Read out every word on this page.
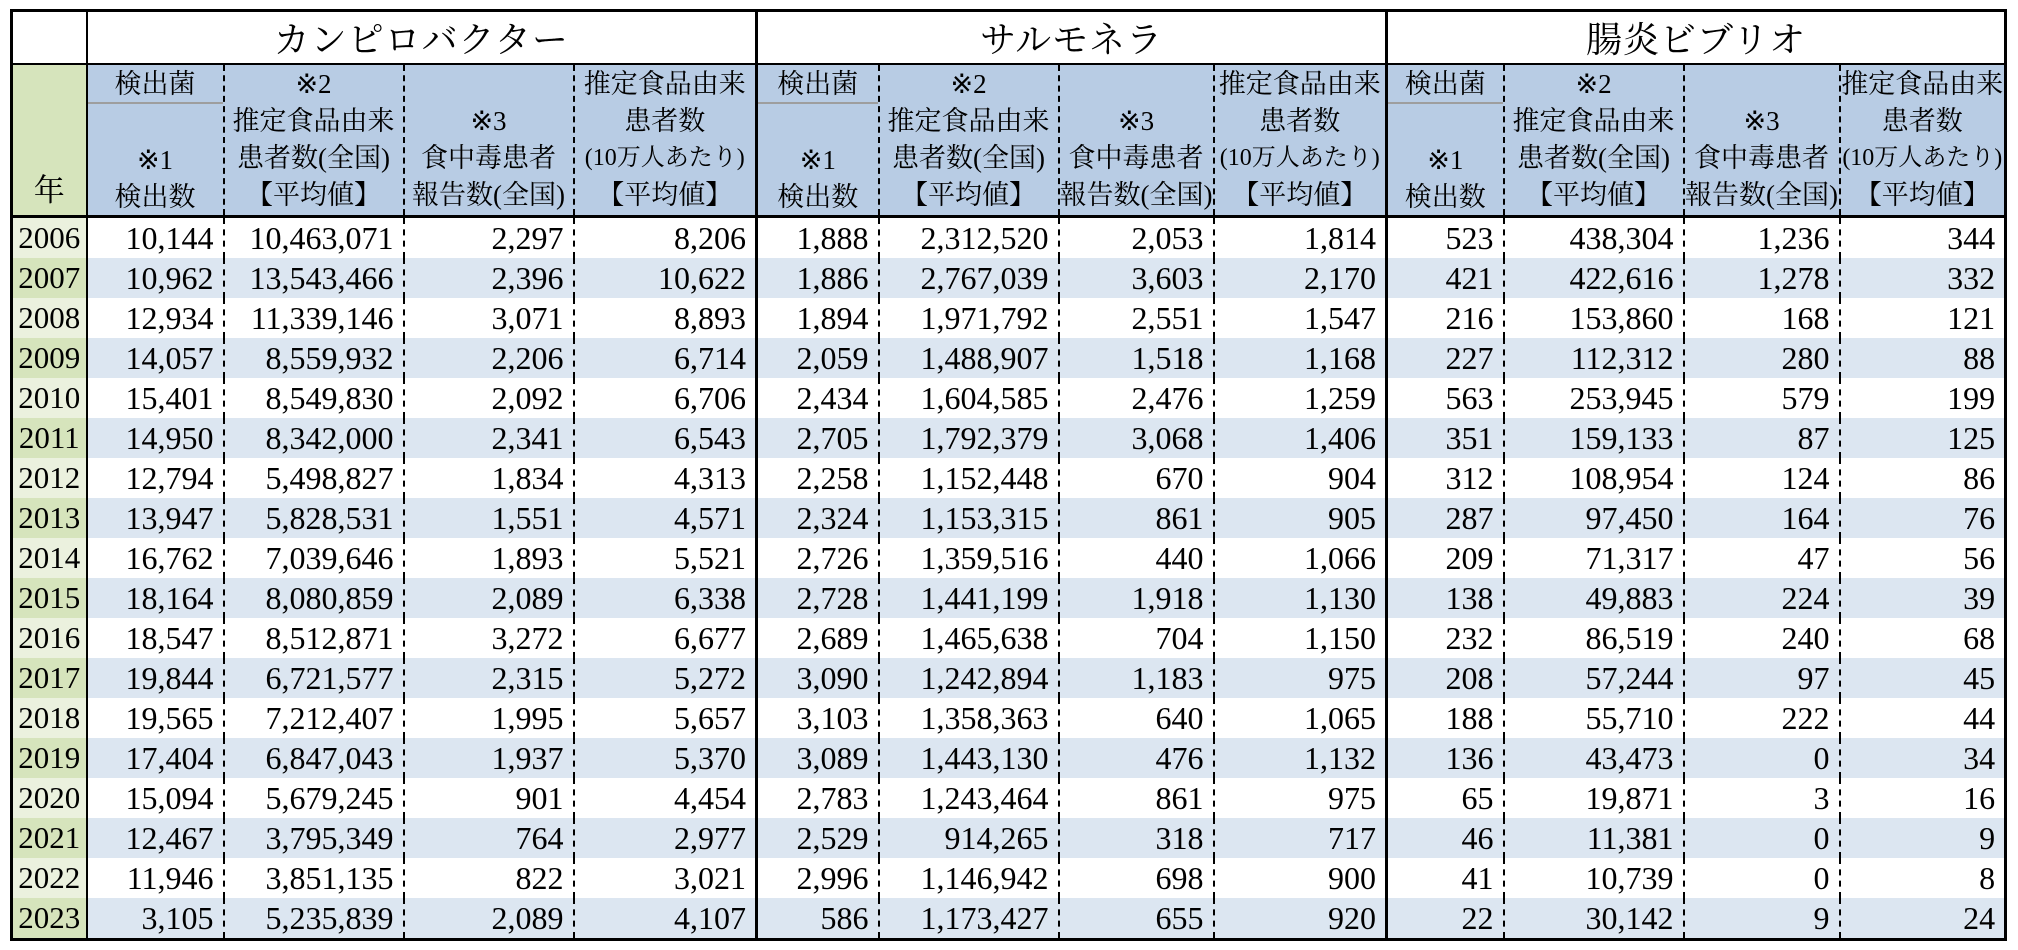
	カンピロバクター				サルモネラ				腸炎ビブリオ			

年

検出菌
※1
検出数

※2
推定食品由来
患者数(全国)
【平均値】

※3
食中毒患者
報告数(全国)

推定食品由来
患者数
(10万人あたり)
【平均値】

検出菌
※1
検出数

※2
推定食品由来
患者数(全国)
【平均値】

※3
食中毒患者
報告数(全国)

推定食品由来
患者数
(10万人あたり)
【平均値】

検出菌
※1
検出数

※2
推定食品由来
患者数(全国)
【平均値】

※3
食中毒患者
報告数(全国)

推定食品由来
患者数
(10万人あたり)
【平均値】

2006	10,144	10,463,071	2,297	8,206	1,888	2,312,520	2,053	1,814	523	438,304	1,236	344
2007	10,962	13,543,466	2,396	10,622	1,886	2,767,039	3,603	2,170	421	422,616	1,278	332
2008	12,934	11,339,146	3,071	8,893	1,894	1,971,792	2,551	1,547	216	153,860	168	121
2009	14,057	8,559,932	2,206	6,714	2,059	1,488,907	1,518	1,168	227	112,312	280	88
2010	15,401	8,549,830	2,092	6,706	2,434	1,604,585	2,476	1,259	563	253,945	579	199
2011	14,950	8,342,000	2,341	6,543	2,705	1,792,379	3,068	1,406	351	159,133	87	125
2012	12,794	5,498,827	1,834	4,313	2,258	1,152,448	670	904	312	108,954	124	86
2013	13,947	5,828,531	1,551	4,571	2,324	1,153,315	861	905	287	97,450	164	76
2014	16,762	7,039,646	1,893	5,521	2,726	1,359,516	440	1,066	209	71,317	47	56
2015	18,164	8,080,859	2,089	6,338	2,728	1,441,199	1,918	1,130	138	49,883	224	39
2016	18,547	8,512,871	3,272	6,677	2,689	1,465,638	704	1,150	232	86,519	240	68
2017	19,844	6,721,577	2,315	5,272	3,090	1,242,894	1,183	975	208	57,244	97	45
2018	19,565	7,212,407	1,995	5,657	3,103	1,358,363	640	1,065	188	55,710	222	44
2019	17,404	6,847,043	1,937	5,370	3,089	1,443,130	476	1,132	136	43,473	0	34
2020	15,094	5,679,245	901	4,454	2,783	1,243,464	861	975	65	19,871	3	16
2021	12,467	3,795,349	764	2,977	2,529	914,265	318	717	46	11,381	0	9
2022	11,946	3,851,135	822	3,021	2,996	1,146,942	698	900	41	10,739	0	8
2023	3,105	5,235,839	2,089	4,107	586	1,173,427	655	920	22	30,142	9	24
